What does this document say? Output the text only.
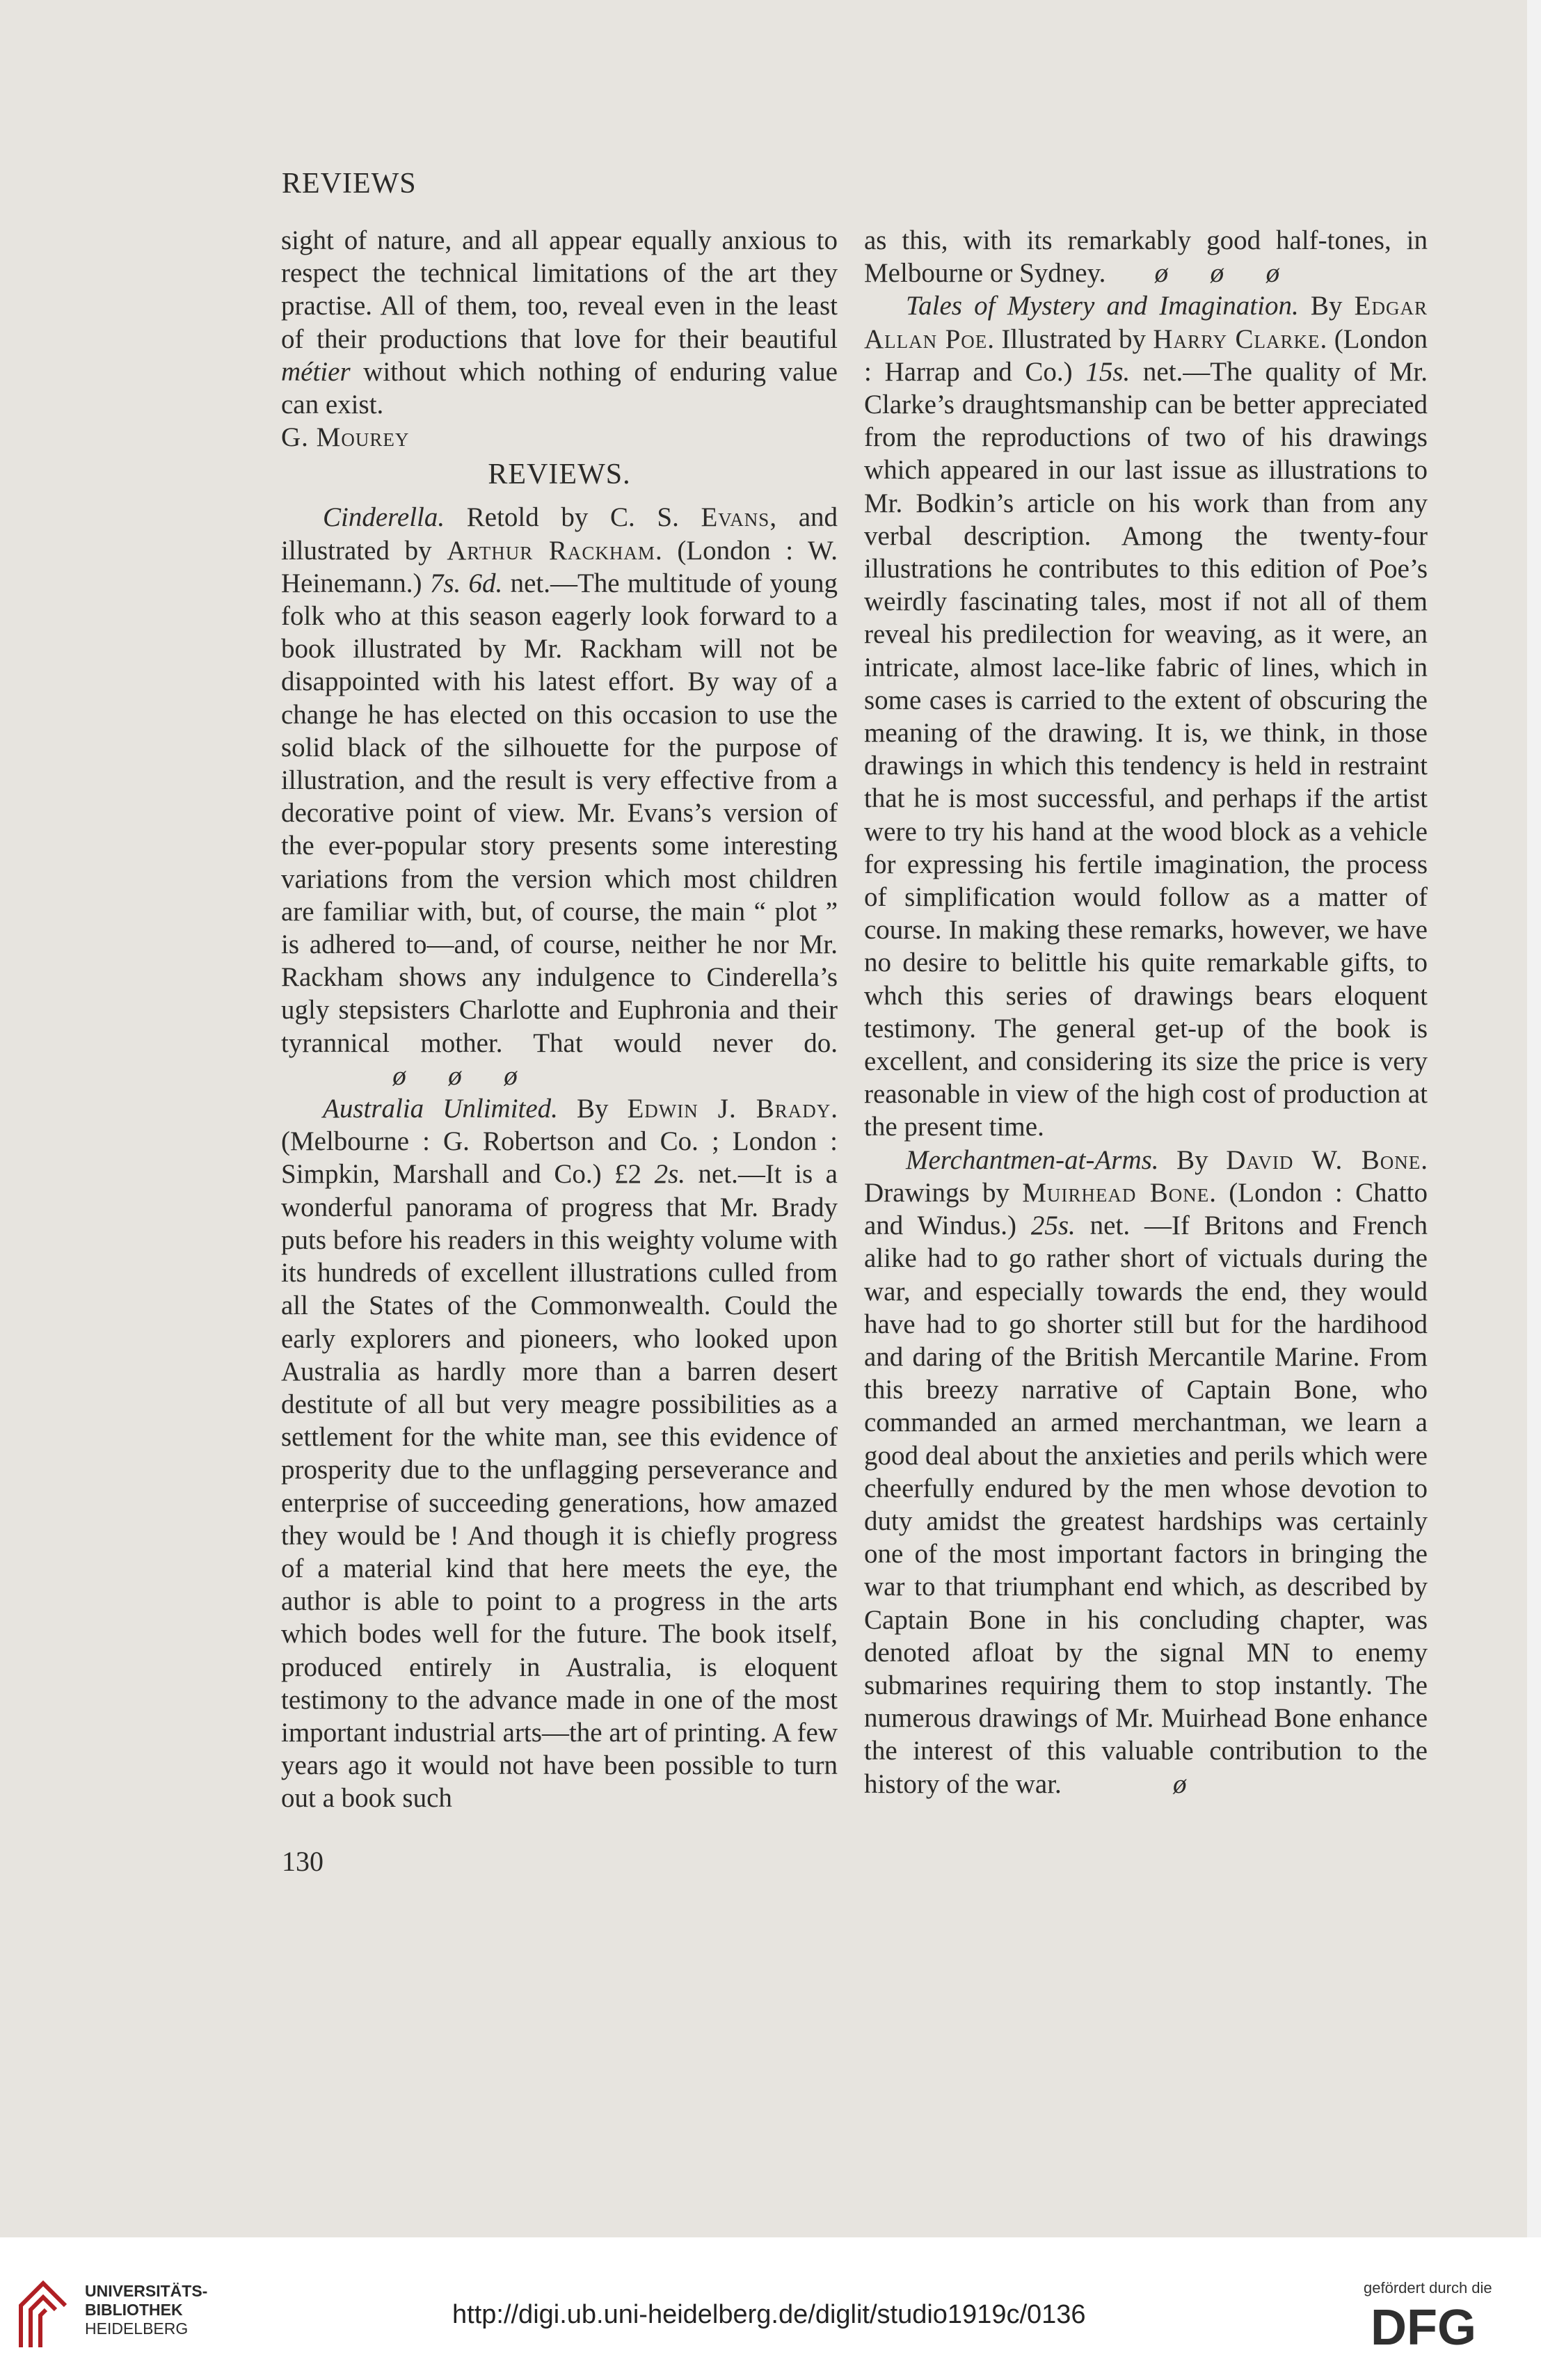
REVIEWS

sight of nature, and all appear equally anxious to respect the technical limitations of the art they practise. All of them, too, reveal even in the least of their productions that love for their beautiful métier without which nothing of enduring value can exist.

G. Mourey

REVIEWS.

Cinderella. Retold by C. S. Evans, and illustrated by Arthur Rackham. (London : W. Heinemann.) 7s. 6d. net.—The multitude of young folk who at this season eagerly look forward to a book illustrated by Mr. Rackham will not be disappointed with his latest effort. By way of a change he has elected on this occasion to use the solid black of the silhouette for the purpose of illustration, and the result is very effective from a decorative point of view. Mr. Evans’s version of the ever-popular story presents some interesting variations from the version which most children are familiar with, but, of course, the main “ plot ” is adhered to—and, of course, neither he nor Mr. Rackham shows any indulgence to Cinderella’s ugly stepsisters Charlotte and Euphronia and their tyrannical mother. That would never do.ø ø ø

Australia Unlimited. By Edwin J. Brady. (Melbourne : G. Robertson and Co. ; London : Simpkin, Marshall and Co.) £2 2s. net.—It is a wonderful panorama of progress that Mr. Brady puts before his readers in this weighty volume with its hundreds of excellent illustrations culled from all the States of the Commonwealth. Could the early explorers and pioneers, who looked upon Australia as hardly more than a barren desert destitute of all but very meagre possibilities as a settlement for the white man, see this evidence of prosperity due to the unflagging perseverance and enterprise of succeeding generations, how amazed they would be ! And though it is chiefly progress of a material kind that here meets the eye, the author is able to point to a progress in the arts which bodes well for the future. The book itself, produced entirely in Australia, is eloquent testimony to the advance made in one of the most important industrial arts—the art of printing. A few years ago it would not have been possible to turn out a book such

as this, with its remarkably good half-tones, in Melbourne or Sydney. ø ø ø

Tales of Mystery and Imagination. By Edgar Allan Poe. Illustrated by Harry Clarke. (London : Harrap and Co.) 15s. net.—The quality of Mr. Clarke’s draughtsmanship can be better appreciated from the reproductions of two of his drawings which appeared in our last issue as illustrations to Mr. Bodkin’s article on his work than from any verbal description. Among the twenty-four illustrations he contributes to this edition of Poe’s weirdly fascinating tales, most if not all of them reveal his predilection for weaving, as it were, an intricate, almost lace-like fabric of lines, which in some cases is carried to the extent of obscuring the meaning of the drawing. It is, we think, in those drawings in which this tendency is held in restraint that he is most successful, and perhaps if the artist were to try his hand at the wood block as a vehicle for expressing his fertile imagination, the process of simplification would follow as a matter of course. In making these remarks, however, we have no desire to belittle his quite remarkable gifts, to whch this series of drawings bears eloquent testimony. The general get-up of the book is excellent, and considering its size the price is very reasonable in view of the high cost of production at the present time.

Merchantmen-at-Arms. By David W. Bone. Drawings by Muirhead Bone. (London : Chatto and Windus.) 25s. net. —If Britons and French alike had to go rather short of victuals during the war, and especially towards the end, they would have had to go shorter still but for the hardihood and daring of the British Mercantile Marine. From this breezy narrative of Captain Bone, who commanded an armed merchantman, we learn a good deal about the anxieties and perils which were cheerfully endured by the men whose devotion to duty amidst the greatest hardships was certainly one of the most important factors in bringing the war to that triumphant end which, as described by Captain Bone in his concluding chapter, was denoted afloat by the signal MN to enemy submarines requiring them to stop instantly. The numerous drawings of Mr. Muirhead Bone enhance the interest of this valuable contribution to the history of the war.	ø

130
UNIVERSITÄTS-
BIBLIOTHEK
HEIDELBERG	http://digi.ub.uni-heidelberg.de/diglit/studio1919c/0136
gefördert durch die
DFG
